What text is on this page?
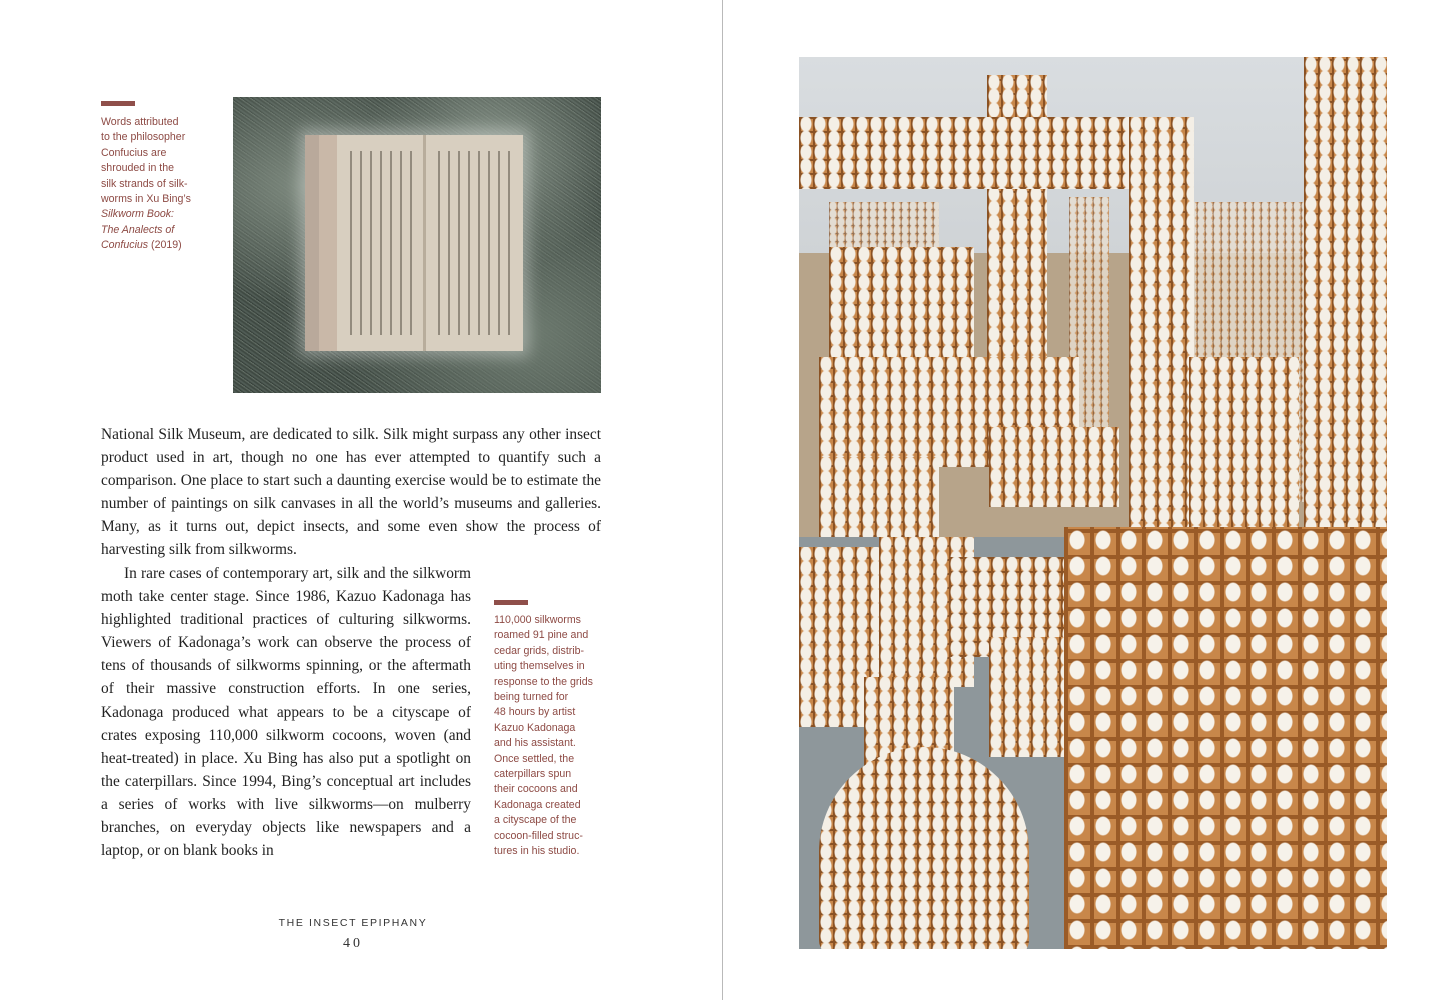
Words attributed

to the philosopher

Confucius are

shrouded in the

silk strands of silk-

worms in Xu Bing’s

Silkworm Book:

The Analects of

Confucius (2019)

National Silk Museum, are dedicated to silk. Silk might surpass any other insect product used in art, though no one has ever attempted to quantify such a comparison. One place to start such a daunting exercise would be to estimate the number of paintings on silk canvases in all the world’s museums and galleries. Many, as it turns out, depict insects, and some even show the process of harvesting silk from silkworms.

In rare cases of contemporary art, silk and the silkworm moth take center stage. Since 1986, Kazuo Kadonaga has highlighted traditional practices of culturing silkworms. Viewers of Kadonaga’s work can observe the process of tens of thousands of silkworms spinning, or the aftermath of their massive construction efforts. In one series, Kadonaga produced what appears to be a cityscape of crates exposing 110,000 silkworm cocoons, woven (and heat-treated) in place. Xu Bing has also put a spotlight on the caterpillars. Since 1994, Bing’s conceptual art includes a series of works with live silkworms—on mulberry branches, on everyday objects like newspapers and a laptop, or on blank books in

110,000 silkworms

roamed 91 pine and

cedar grids, distrib-

uting themselves in

response to the grids

being turned for

48 hours by artist

Kazuo Kadonaga

and his assistant.

Once settled, the

caterpillars spun

their cocoons and

Kadonaga created

a cityscape of the

cocoon-filled struc-

tures in his studio.

THE INSECT EPIPHANY
40
